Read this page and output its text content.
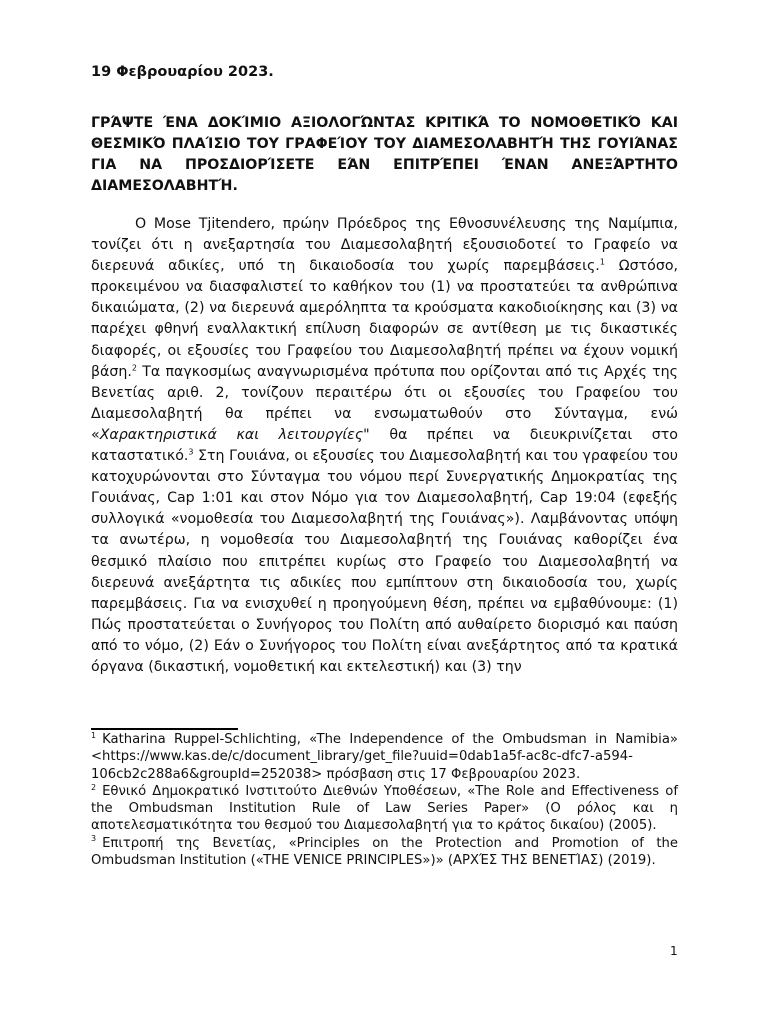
19 Φεβρουαρίου 2023.
ΓΡΆΨΤΕ ΈΝΑ ΔΟΚΊΜΙΟ ΑΞΙΟΛΟΓΏΝΤΑΣ ΚΡΙΤΙΚΆ ΤΟ ΝΟΜΟΘΕΤΙΚΌ ΚΑΙ ΘΕΣΜΙΚΌ ΠΛΑΊΣΙΟ ΤΟΥ ΓΡΑΦΕΊΟΥ ΤΟΥ ΔΙΑΜΕΣΟΛΑΒΗΤΉ ΤΗΣ ΓΟΥΙΆΝΑΣ ΓΙΑ ΝΑ ΠΡΟΣΔΙΟΡΊΣΕΤΕ ΕΆΝ ΕΠΙΤΡΈΠΕΙ ΈΝΑΝ ΑΝΕΞΆΡΤΗΤΟ ΔΙΑΜΕΣΟΛΑΒΗΤΉ.
Ο Mose Tjitendero, πρώην Πρόεδρος της Εθνοσυνέλευσης της Ναμίμπια, τονίζει ότι η ανεξαρτησία του Διαμεσολαβητή εξουσιοδοτεί το Γραφείο να διερευνά αδικίες, υπό τη δικαιοδοσία του χωρίς παρεμβάσεις.$^1$ Ωστόσο, προκειμένου να διασφαλιστεί το καθήκον του (1) να προστατεύει τα ανθρώπινα δικαιώματα, (2) να διερευνά αμερόληπτα τα κρούσματα κακοδιοίκησης και (3) να παρέχει φθηνή εναλλακτική επίλυση διαφορών σε αντίθεση με τις δικαστικές διαφορές, οι εξουσίες του Γραφείου του Διαμεσολαβητή πρέπει να έχουν νομική βάση.$^2$ Τα παγκοσμίως αναγνωρισμένα πρότυπα που ορίζονται από τις Αρχές της Βενετίας αριθ. 2, τονίζουν περαιτέρω ότι οι εξουσίες του Γραφείου του Διαμεσολαβητή θα πρέπει να ενσωματωθούν στο Σύνταγμα, ενώ «Χαρακτηριστικά και λειτουργίες" θα πρέπει να διευκρινίζεται στο καταστατικό.$^3$ Στη Γουιάνα, οι εξουσίες του Διαμεσολαβητή και του γραφείου του κατοχυρώνονται στο Σύνταγμα του νόμου περί Συνεργατικής Δημοκρατίας της Γουιάνας, Cap 1:01 και στον Νόμο για τον Διαμεσολαβητή, Cap 19:04 (εφεξής συλλογικά «νομοθεσία του Διαμεσολαβητή της Γουιάνας»). Λαμβάνοντας υπόψη τα ανωτέρω, η νομοθεσία του Διαμεσολαβητή της Γουιάνας καθορίζει ένα θεσμικό πλαίσιο που επιτρέπει κυρίως στο Γραφείο του Διαμεσολαβητή να διερευνά ανεξάρτητα τις αδικίες που εμπίπτουν στη δικαιοδοσία του, χωρίς παρεμβάσεις. Για να ενισχυθεί η προηγούμενη θέση, πρέπει να εμβαθύνουμε: (1) Πώς προστατεύεται ο Συνήγορος του Πολίτη από αυθαίρετο διορισμό και παύση από το νόμο, (2) Εάν ο Συνήγορος του Πολίτη είναι ανεξάρτητος από τα κρατικά όργανα (δικαστική, νομοθετική και εκτελεστική) και (3) την

$^1$ Katharina Ruppel-Schlichting, «The Independence of the Ombudsman in Namibia» <https://www.kas.de/c/document_library/get_file?uuid=0dab1a5f-ac8c-dfc7-a594-106cb2c288a6&groupId=252038> πρόσβαση στις 17 Φεβρουαρίου 2023.

$^2$ Εθνικό Δημοκρατικό Ινστιτούτο Διεθνών Υποθέσεων, «The Role and Effectiveness of the Ombudsman Institution Rule of Law Series Paper» (Ο ρόλος και η αποτελεσματικότητα του θεσμού του Διαμεσολαβητή για το κράτος δικαίου) (2005).

$^3$ Επιτροπή της Βενετίας, «Principles on the Protection and Promotion of the Ombudsman Institution («THE VENICE PRINCIPLES»)» (ΑΡΧΈΣ ΤΗΣ ΒΕΝΕΤΊΑΣ) (2019).

1
